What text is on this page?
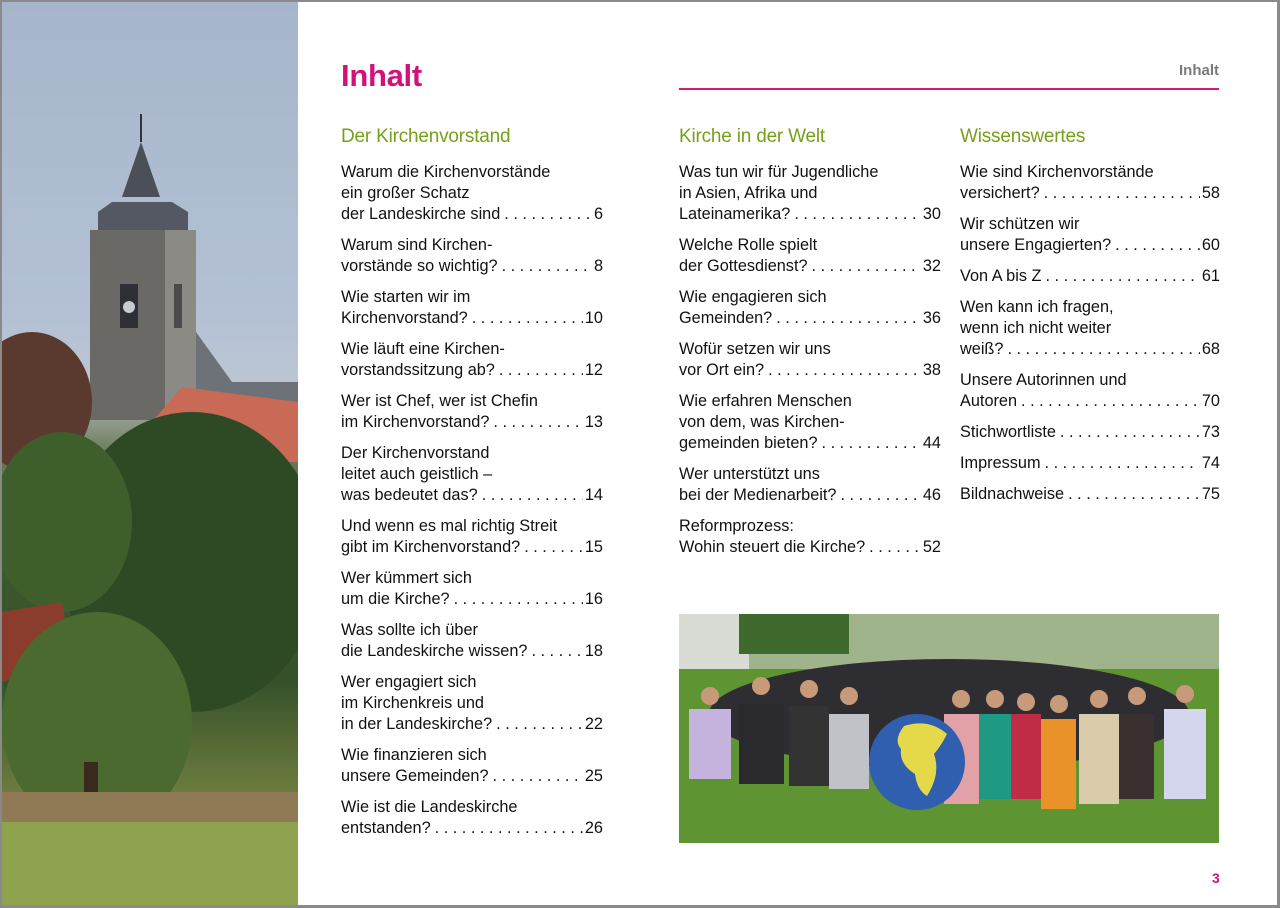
Inhalt	Inhalt
Der Kirchenvorstand
Warum die Kirchenvorstände
ein großer Schatz
der Landeskirche sind . . .	6
Warum sind Kirchen-
vorstände so wichtig? . . .	8
Wie starten wir im
Kirchenvorstand? . . .	10
Wie läuft eine Kirchen-
vorstandssitzung ab? . . .	12
Wer ist Chef, wer ist Chefin
im Kirchenvorstand? . . .	13
Der Kirchenvorstand
leitet auch geistlich –
was bedeutet das? . . .	14
Und wenn es mal richtig Streit
gibt im Kirchenvorstand? . . .	15
Wer kümmert sich
um die Kirche? . . .	16
Was sollte ich über
die Landeskirche wissen? . . .	18
Wer engagiert sich
im Kirchenkreis und
in der Landeskirche? . . .	22
Wie finanzieren sich
unsere Gemeinden? . . .	25
Wie ist die Landeskirche
entstanden? . . .	26
Kirche in der Welt
Was tun wir für Jugendliche
in Asien, Afrika und
Lateinamerika? . . .	30
Welche Rolle spielt
der Gottesdienst? . . .	32
Wie engagieren sich
Gemeinden? . . .	36
Wofür setzen wir uns
vor Ort ein? . . .	38
Wie erfahren Menschen
von dem, was Kirchen-
gemeinden bieten? . . .	44
Wer unterstützt uns
bei der Medienarbeit? . . .	46
Reformprozess:
Wohin steuert die Kirche? . . .	52
Wissenswertes
Wie sind Kirchenvorstände
versichert? . . .	58
Wir schützen wir
unsere Engagierten? . . .	60
Von A bis Z . . .	61
Wen kann ich fragen,
wenn ich nicht weiter
weiß? . . .	68
Unsere Autorinnen und
Autoren . . .	70
Stichwortliste . . .	73
Impressum . . .	74
Bildnachweise . . .	75
3
